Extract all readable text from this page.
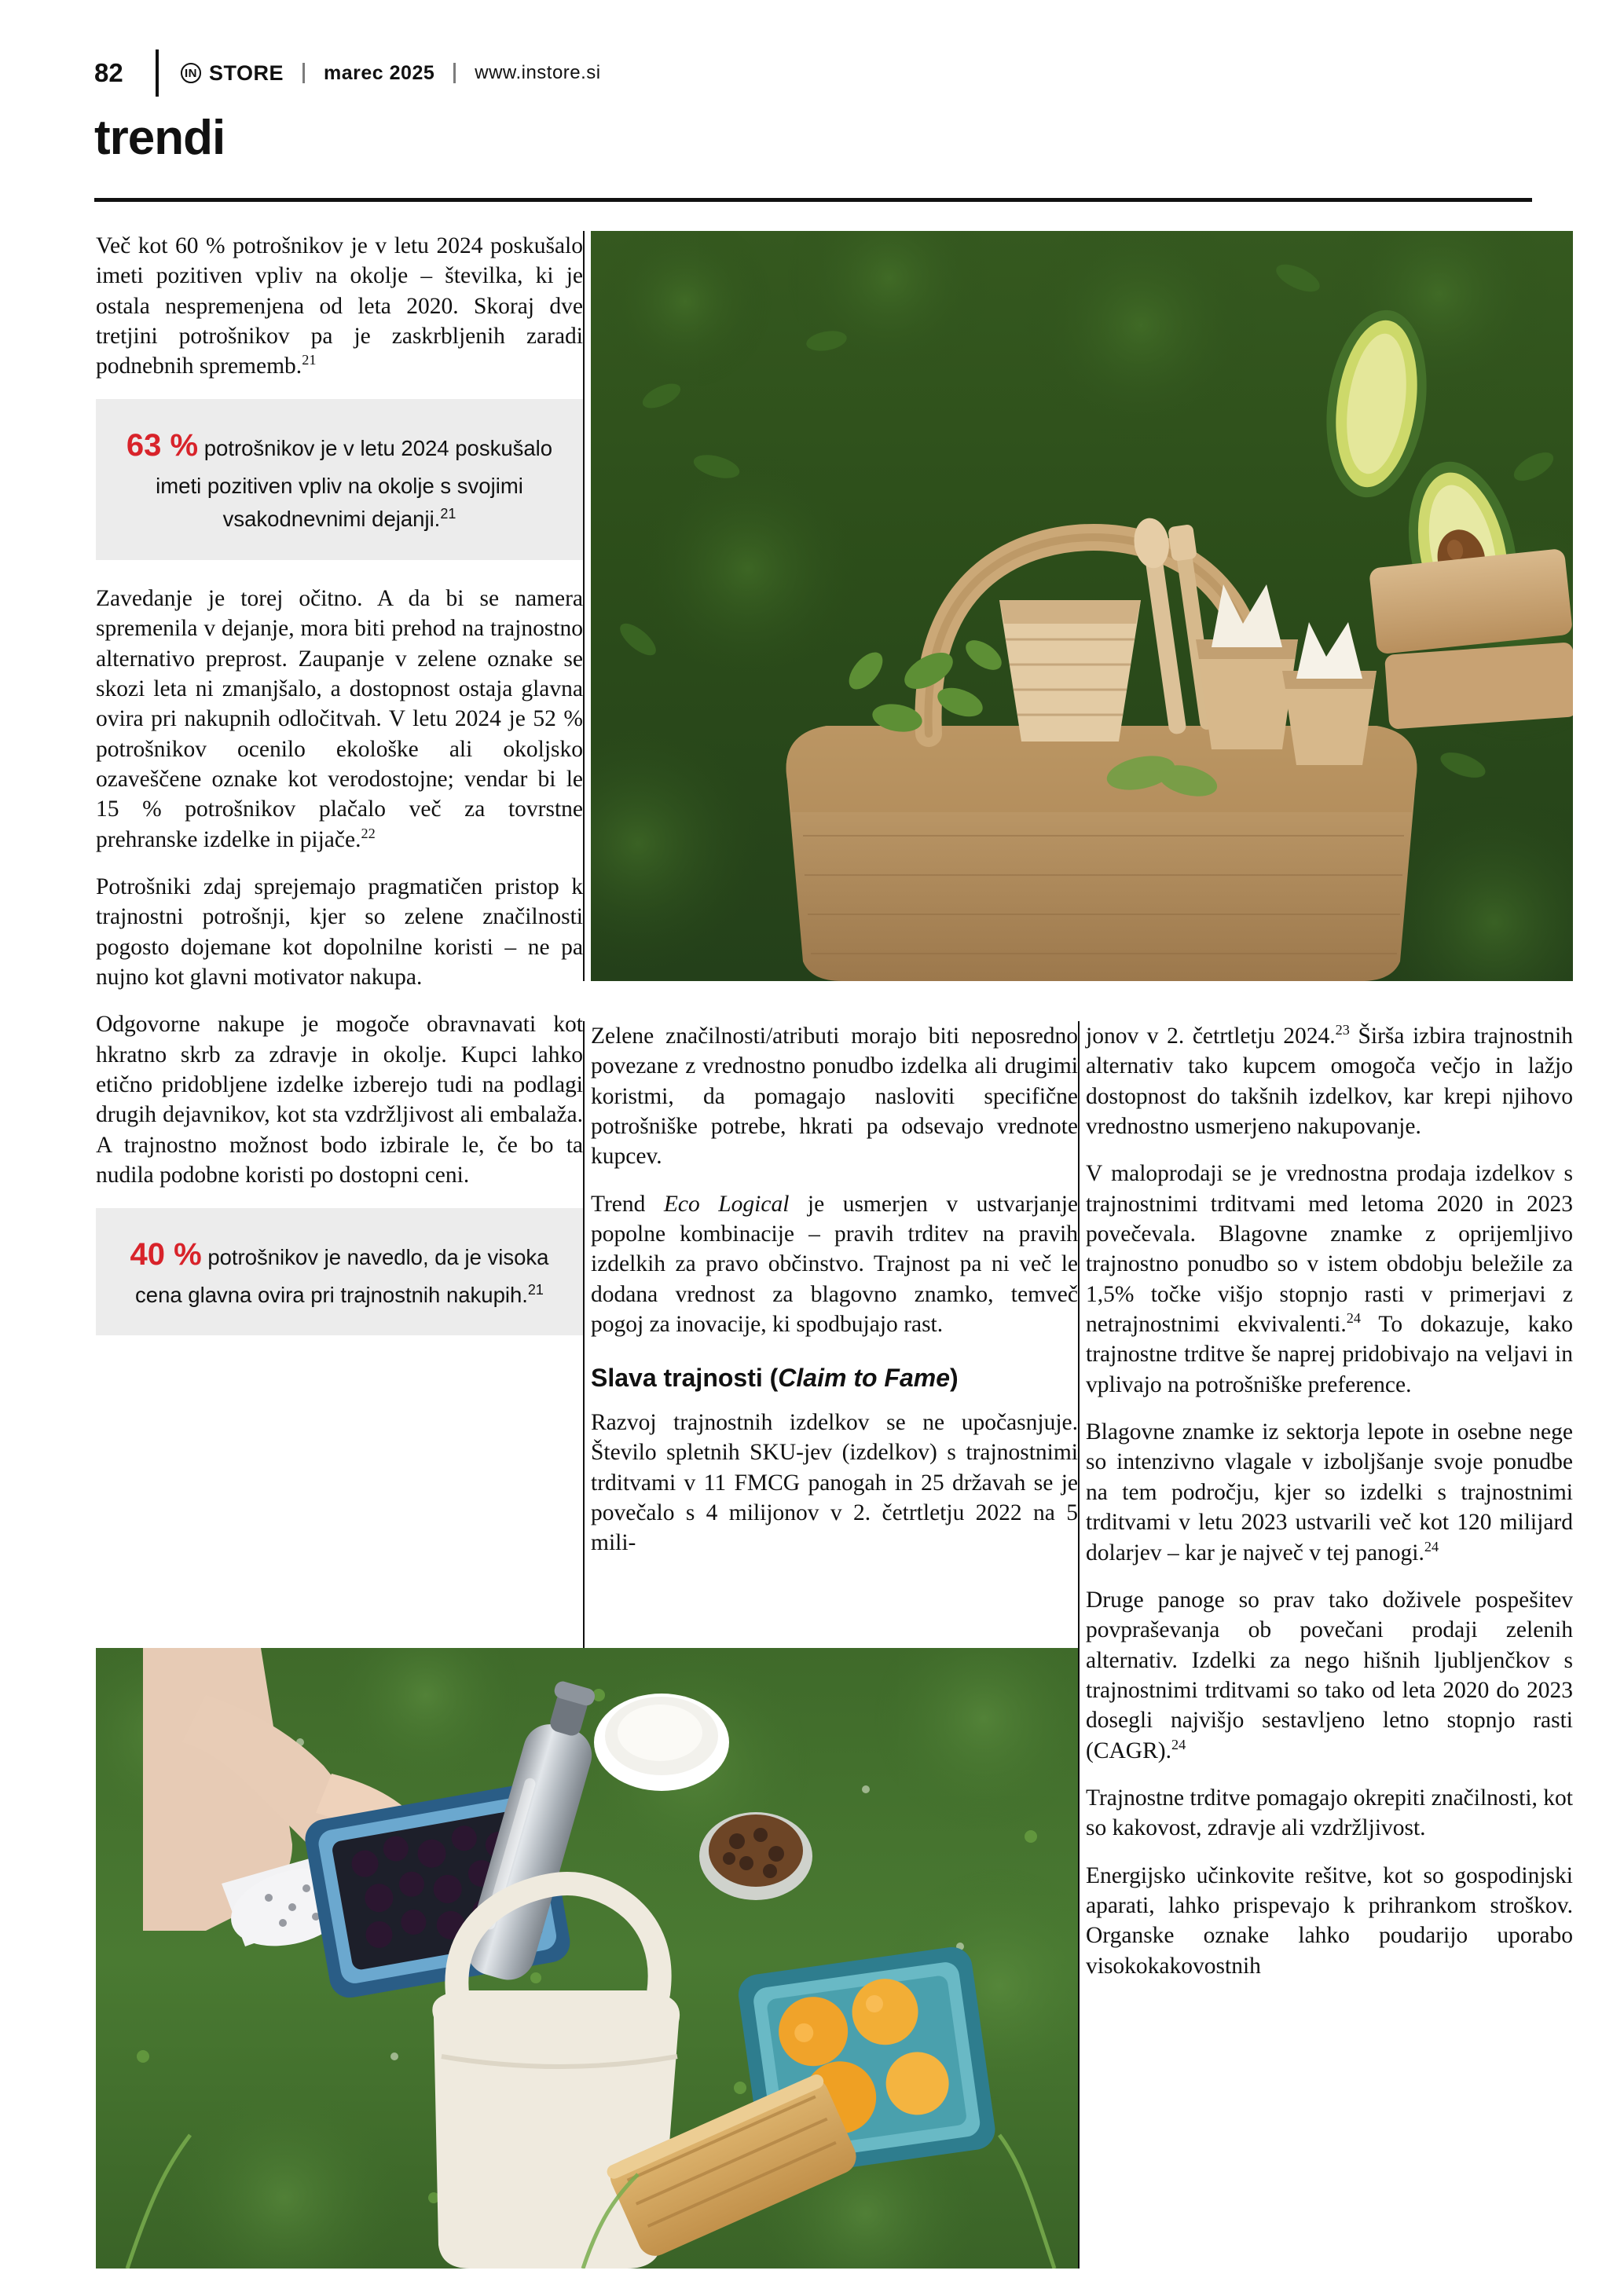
82	IN STORE marec 2025 www.instore.si
trendi

Več kot 60 % potrošnikov je v letu 2024 poskušalo imeti pozitiven vpliv na okolje – številka, ki je ostala nespremenjena od leta 2020. Skoraj dve tretjini potrošnikov pa je zaskrbljenih zaradi podnebnih sprememb.$^{21}$

63 % potrošnikov je v letu 2024 poskušalo imeti pozitiven vpliv na okolje s svojimi vsakodnevnimi dejanji.$^{21}$

Zavedanje je torej očitno. A da bi se namera spremenila v dejanje, mora biti prehod na trajnostno alternativo preprost. Zaupanje v zelene oznake se skozi leta ni zmanjšalo, a dostopnost ostaja glavna ovira pri nakupnih odločitvah. V letu 2024 je 52 % potrošnikov ocenilo ekološke ali okoljsko ozaveščene oznake kot verodostojne; vendar bi le 15 % potrošnikov plačalo več za tovrstne prehranske izdelke in pijače.$^{22}$

Potrošniki zdaj sprejemajo pragmatičen pristop k trajnostni potrošnji, kjer so zelene značilnosti pogosto dojemane kot dopolnilne koristi – ne pa nujno kot glavni motivator nakupa.

Odgovorne nakupe je mogoče obravnavati kot hkratno skrb za zdravje in okolje. Kupci lahko etično pridobljene izdelke izberejo tudi na podlagi drugih dejavnikov, kot sta vzdržljivost ali embalaža. A trajnostno možnost bodo izbirale le, če bo ta nudila podobne koristi po dostopni ceni.

40 % potrošnikov je navedlo, da je visoka cena glavna ovira pri trajnostnih nakupih.$^{21}$

Zelene značilnosti/atributi morajo biti neposredno povezane z vrednostno ponudbo izdelka ali drugimi koristmi, da pomagajo nasloviti specifične potrošniške potrebe, hkrati pa odsevajo vrednote kupcev.

Trend Eco Logical je usmerjen v ustvarjanje popolne kombinacije – pravih trditev na pravih izdelkih za pravo občinstvo. Trajnost pa ni več le dodana vrednost za blagovno znamko, temveč pogoj za inovacije, ki spodbujajo rast.

Slava trajnosti (Claim to Fame)

Razvoj trajnostnih izdelkov se ne upočasnjuje. Število spletnih SKU-jev (izdelkov) s trajnostnimi trditvami v 11 FMCG panogah in 25 državah se je povečalo s 4 milijonov v 2. četrtletju 2022 na 5 mili-

jonov v 2. četrtletju 2024.23 Širša izbira trajnostnih alternativ tako kupcem omogoča večjo in lažjo dostopnost do takšnih izdelkov, kar krepi njihovo vrednostno usmerjeno nakupovanje.

V maloprodaji se je vrednostna prodaja izdelkov s trajnostnimi trditvami med letoma 2020 in 2023 povečevala. Blagovne znamke z oprijemljivo trajnostno ponudbo so v istem obdobju beležile za 1,5% točke višjo stopnjo rasti v primerjavi z netrajnostnimi ekvivalenti.$^{24}$ To dokazuje, kako trajnostne trditve še naprej pridobivajo na veljavi in vplivajo na potrošniške preference.

Blagovne znamke iz sektorja lepote in osebne nege so intenzivno vlagale v izboljšanje svoje ponudbe na tem področju, kjer so izdelki s trajnostnimi trditvami v letu 2023 ustvarili več kot 120 milijard dolarjev – kar je največ v tej panogi.$^{24}$

Druge panoge so prav tako doživele pospešitev povpraševanja ob povečani prodaji zelenih alternativ. Izdelki za nego hišnih ljubljenčkov s trajnostnimi trditvami so tako od leta 2020 do 2023 dosegli najvišjo sestavljeno letno stopnjo rasti (CAGR).$^{24}$

Trajnostne trditve pomagajo okrepiti značilnosti, kot so kakovost, zdravje ali vzdržljivost.

Energijsko učinkovite rešitve, kot so gospodinjski aparati, lahko prispevajo k prihrankom stroškov. Organske oznake lahko poudarijo uporabo visokokakovostnih
